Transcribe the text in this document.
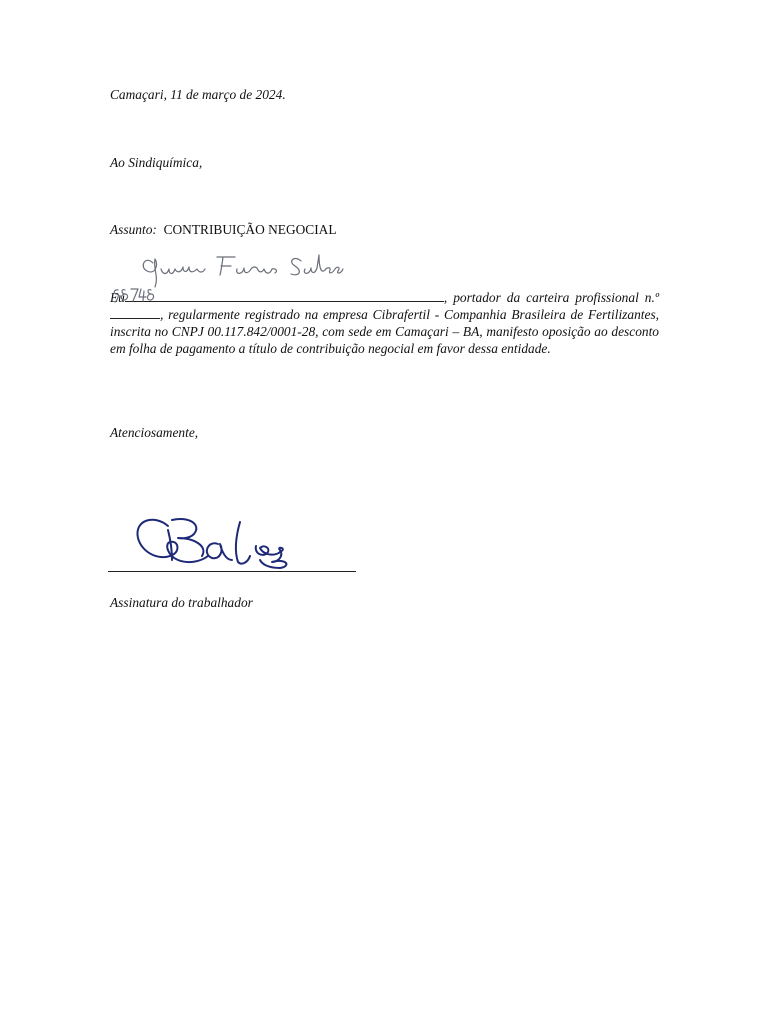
Camaçari, 11 de março de 2024.

Ao Sindiquímica,

Assunto: CONTRIBUIÇÃO NEGOCIAL

Eu	, portador da carteira profissional n.º
, regularmente registrado na empresa Cibrafertil - Companhia Brasileira de Fertilizantes, inscrita no CNPJ 00.117.842/0001-28, com sede em Camaçari – BA, manifesto oposição ao desconto em folha de pagamento a título de contribuição negocial em favor dessa entidade.

Atenciosamente,

Assinatura do trabalhador
